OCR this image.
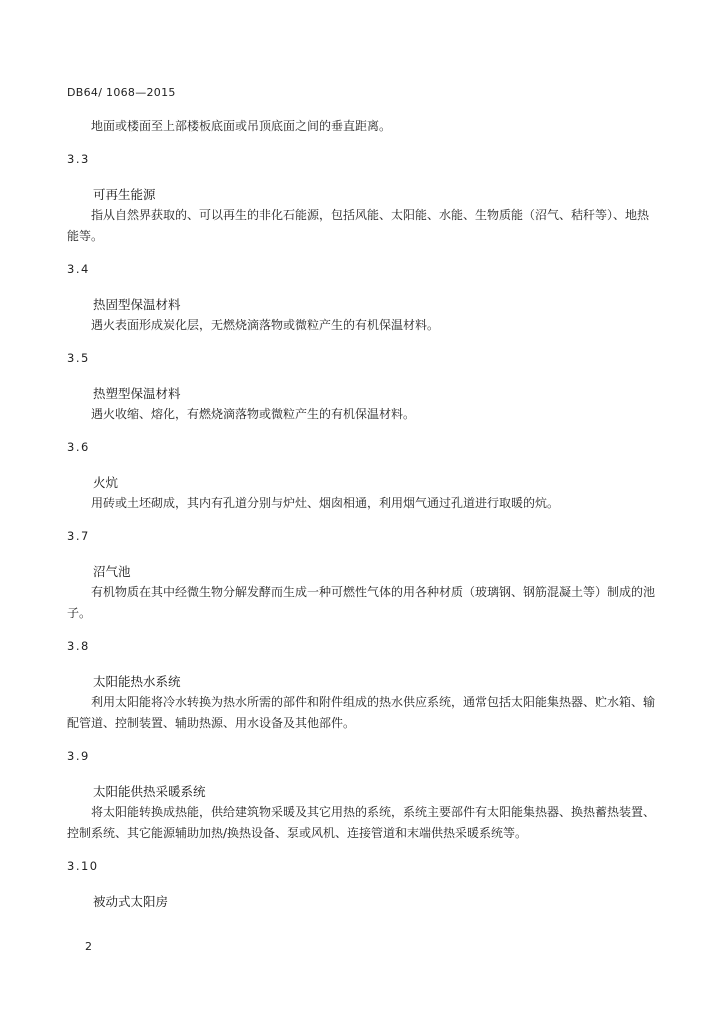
DB64/ 1068—2015

地面或楼面至上部楼板底面或吊顶底面之间的垂直距离。

3.3

可再生能源

指从自然界获取的、可以再生的非化石能源，包括风能、太阳能、水能、生物质能（沼气、秸秆等）、地热能等。

3.4

热固型保温材料

遇火表面形成炭化层，无燃烧滴落物或微粒产生的有机保温材料。

3.5

热塑型保温材料

遇火收缩、熔化，有燃烧滴落物或微粒产生的有机保温材料。

3.6

火炕

用砖或土坯砌成，其内有孔道分别与炉灶、烟囱相通，利用烟气通过孔道进行取暖的炕。

3.7

沼气池

有机物质在其中经微生物分解发酵而生成一种可燃性气体的用各种材质（玻璃钢、钢筋混凝土等）制成的池子。

3.8

太阳能热水系统

利用太阳能将冷水转换为热水所需的部件和附件组成的热水供应系统，通常包括太阳能集热器、贮水箱、输配管道、控制装置、辅助热源、用水设备及其他部件。

3.9

太阳能供热采暖系统

将太阳能转换成热能，供给建筑物采暖及其它用热的系统，系统主要部件有太阳能集热器、换热蓄热装置、控制系统、其它能源辅助加热/换热设备、泵或风机、连接管道和末端供热采暖系统等。

3.10

被动式太阳房

2
